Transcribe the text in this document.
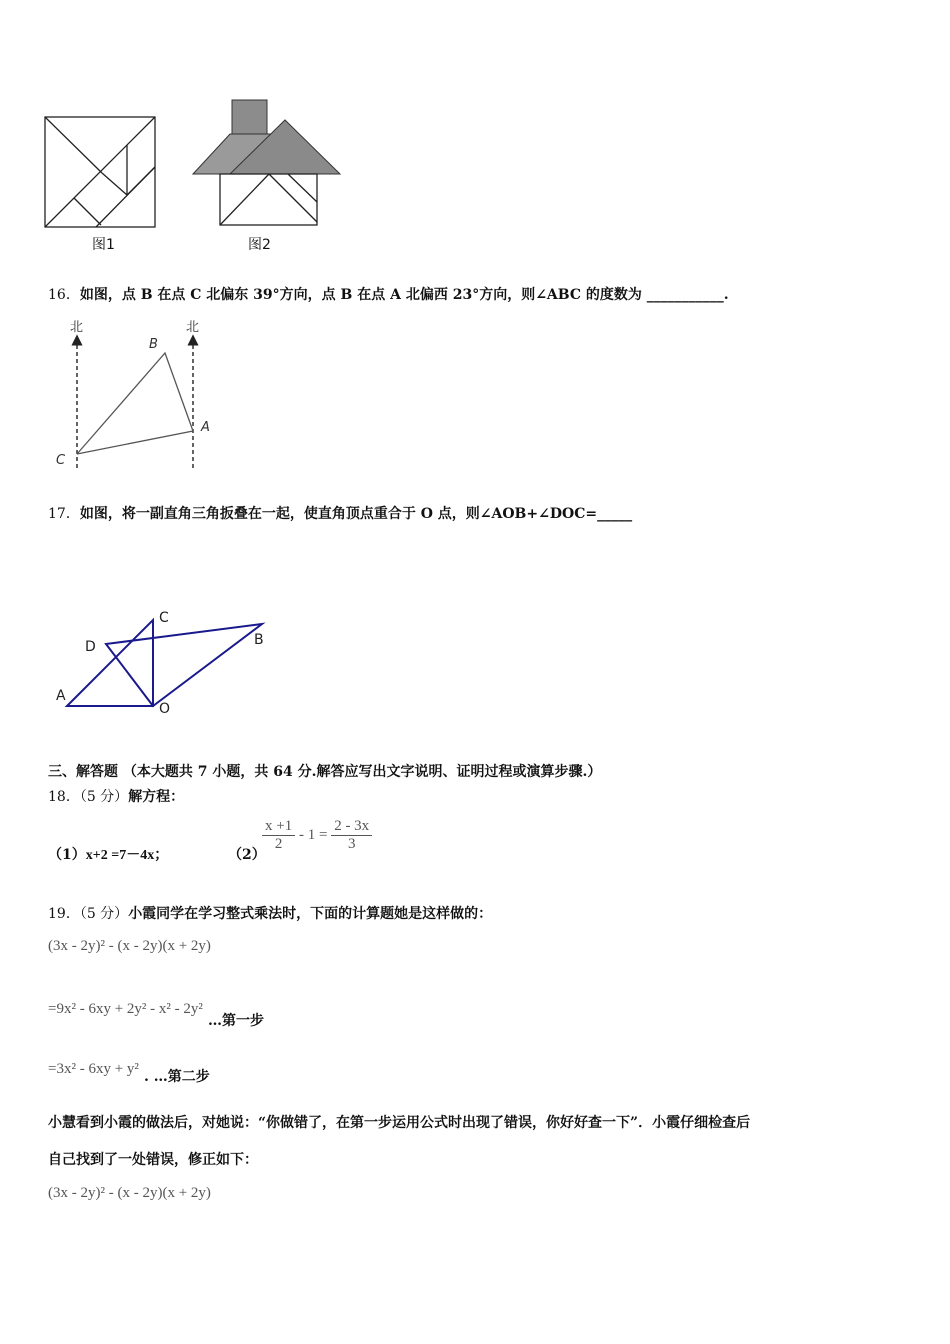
图1	图2
16．如图，点 B 在点 C 北偏东 39°方向，点 B 在点 A 北偏西 23°方向，则∠ABC 的度数为 ___________.
北	北
B
A
C
17．如图，将一副直角三角扳叠在一起，使直角顶点重合于 O 点，则∠AOB+∠DOC=_____
A
B
C
D
O
三、解答题 （本大题共 7 小题，共 64 分.解答应写出文字说明、证明过程或演算步骤.）
18．（5 分）解方程：
（1）x+2 =7－4x；	（2）
$\frac{x +1}{2} - 1 = \frac{2 - 3x}{3}$
19．（5 分）小霞同学在学习整式乘法时，下面的计算题她是这样做的：
(3x - 2y)² - (x - 2y)(x + 2y)
=9x² - 6xy + 2y² - x² - 2y² …第一步
=3x² - 6xy + y² . …第二步
小慧看到小霞的做法后，对她说：“你做错了，在第一步运用公式时出现了错误，你好好查一下”．小霞仔细检查后
自己找到了一处错误，修正如下：
(3x - 2y)² - (x - 2y)(x + 2y)
